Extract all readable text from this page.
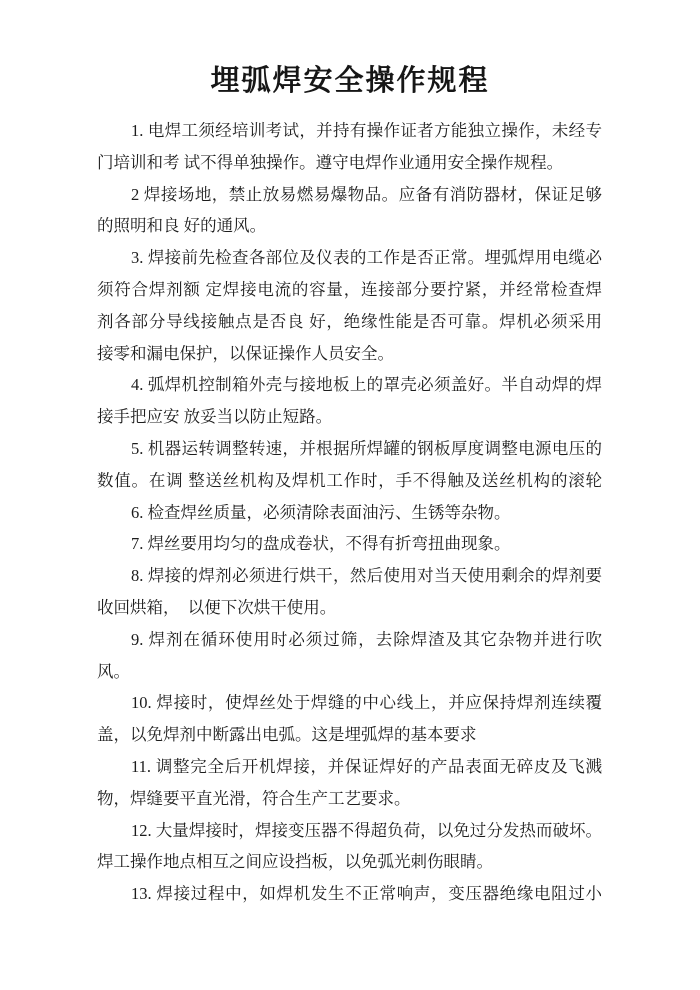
埋弧焊安全操作规程
1. 电焊工须经培训考试，并持有操作证者方能独立操作，未经专
门培训和考 试不得单独操作。遵守电焊作业通用安全操作规程。
2 焊接场地，禁止放易燃易爆物品。应备有消防器材，保证足够
的照明和良 好的通风。
3. 焊接前先检查各部位及仪表的工作是否正常。埋弧焊用电缆必
须符合焊剂额 定焊接电流的容量，连接部分要拧紧，并经常检查焊
剂各部分导线接触点是否良 好，绝缘性能是否可靠。焊机必须采用
接零和漏电保护，以保证操作人员安全。
4. 弧焊机控制箱外壳与接地板上的罩壳必须盖好。半自动焊的焊
接手把应安 放妥当以防止短路。
5. 机器运转调整转速，并根据所焊罐的钢板厚度调整电源电压的
数值。在调 整送丝机构及焊机工作时，手不得触及送丝机构的滚轮
6. 检查焊丝质量，必须清除表面油污、生锈等杂物。
7. 焊丝要用均匀的盘成卷状，不得有折弯扭曲现象。
8. 焊接的焊剂必须进行烘干，然后使用对当天使用剩余的焊剂要
收回烘箱，　以便下次烘干使用。
9. 焊剂在循环使用时必须过筛，去除焊渣及其它杂物并进行吹
风。
10. 焊接时，使焊丝处于焊缝的中心线上，并应保持焊剂连续覆
盖，以免焊剂中断露出电弧。这是埋弧焊的基本要求
11. 调整完全后开机焊接，并保证焊好的产品表面无碎皮及飞溅
物，焊缝要平直光滑，符合生产工艺要求。
12. 大量焊接时，焊接变压器不得超负荷，以免过分发热而破坏。
焊工操作地点相互之间应设挡板，以免弧光刺伤眼睛。
13. 焊接过程中，如焊机发生不正常响声，变压器绝缘电阻过小
